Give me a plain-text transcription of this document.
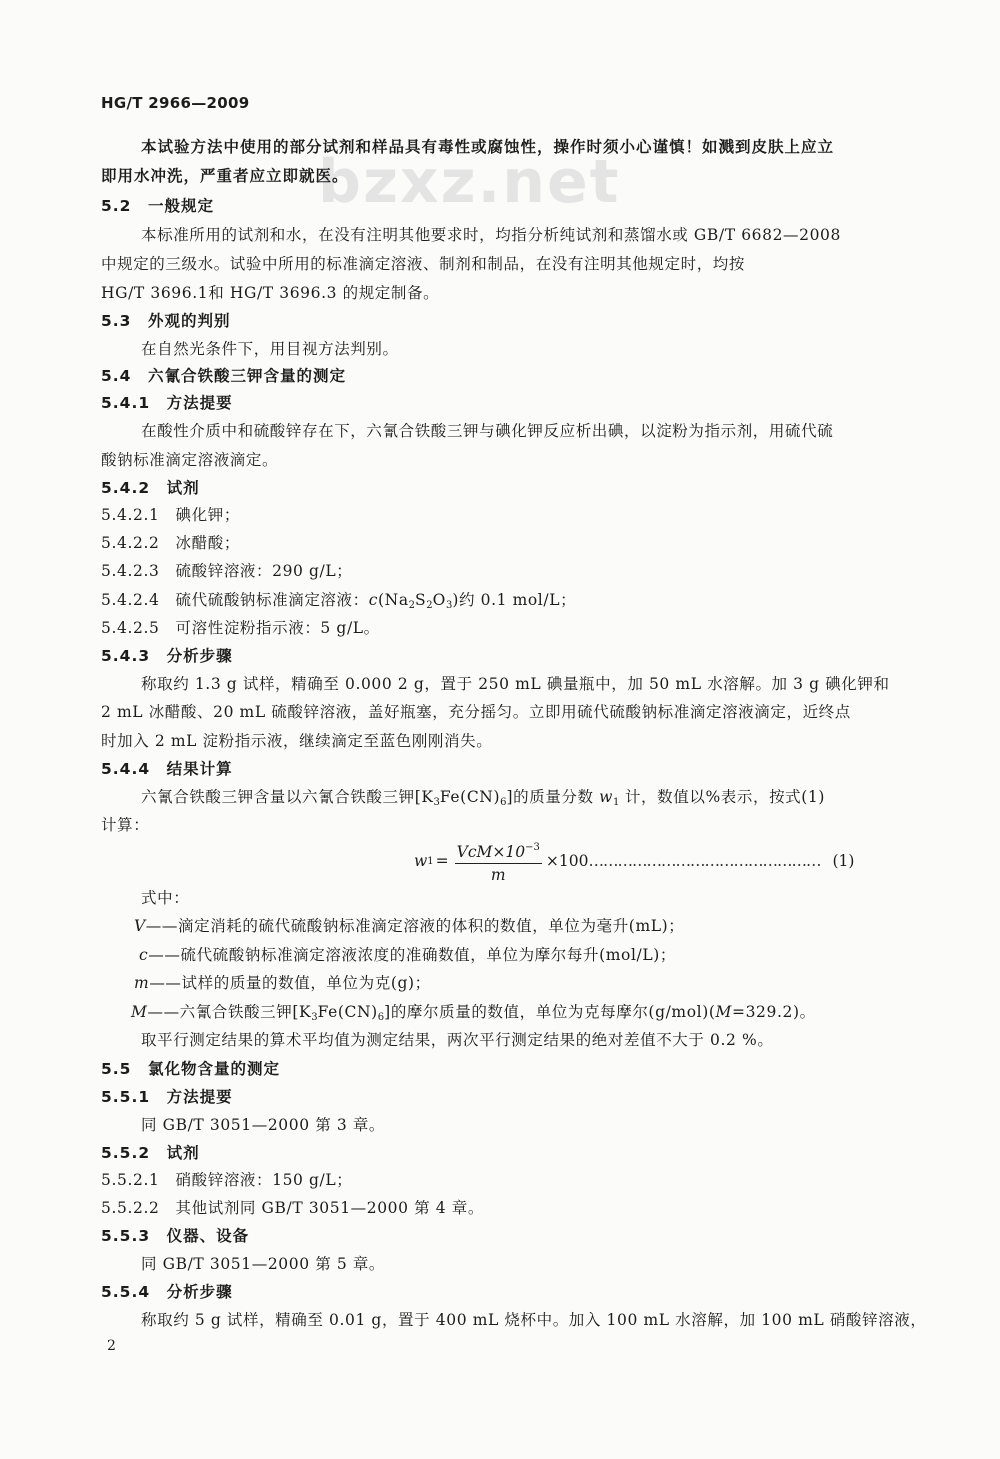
HG/T 2966—2009
bzxz.net
本试验方法中使用的部分试剂和样品具有毒性或腐蚀性，操作时须小心谨慎！如溅到皮肤上应立
即用水冲洗，严重者应立即就医。
5.2　一般规定
本标准所用的试剂和水，在没有注明其他要求时，均指分析纯试剂和蒸馏水或 GB/T 6682—2008
中规定的三级水。试验中所用的标准滴定溶液、制剂和制品，在没有注明其他规定时，均按
HG/T 3696.1和 HG/T 3696.3 的规定制备。
5.3　外观的判别
在自然光条件下，用目视方法判别。
5.4　六氰合铁酸三钾含量的测定
5.4.1　方法提要
在酸性介质中和硫酸锌存在下，六氰合铁酸三钾与碘化钾反应析出碘，以淀粉为指示剂，用硫代硫
酸钠标准滴定溶液滴定。
5.4.2　试剂
5.4.2.1　碘化钾；
5.4.2.2　冰醋酸；
5.4.2.3　硫酸锌溶液：290 g/L；
5.4.2.4　硫代硫酸钠标准滴定溶液：$c(Na_2S_2O_3)$约 0.1 mol/L；
5.4.2.5　可溶性淀粉指示液：5 g/L。
5.4.3　分析步骤
称取约 1.3 g 试样，精确至 0.000 2 g，置于 250 mL 碘量瓶中，加 50 mL 水溶解。加 3 g 碘化钾和
2 mL 冰醋酸、20 mL 硫酸锌溶液，盖好瓶塞，充分摇匀。立即用硫代硫酸钠标准滴定溶液滴定，近终点
时加入 2 mL 淀粉指示液，继续滴定至蓝色刚刚消失。
5.4.4　结果计算
六氰合铁酸三钾含量以六氰合铁酸三钾$[K_3Fe(CN)_6]$的质量分数 $w_1$ 计，数值以%表示，按式(1)
计算：
w $1 = \frac{VcM\times 10^{-3}}{m} \times 100$ ………………………………………… (1)
式中：
V——滴定消耗的硫代硫酸钠标准滴定溶液的体积的数值，单位为毫升(mL)；
c——硫代硫酸钠标准滴定溶液浓度的准确数值，单位为摩尔每升(mol/L)；
m——试样的质量的数值，单位为克(g)；
M——六氰合铁酸三钾$[K_3Fe(CN)_6]$的摩尔质量的数值，单位为克每摩尔(g/mol)(M=329.2)。
取平行测定结果的算术平均值为测定结果，两次平行测定结果的绝对差值不大于 0.2 %。
5.5　氯化物含量的测定
5.5.1　方法提要
同 GB/T 3051—2000 第 3 章。
5.5.2　试剂
5.5.2.1　硝酸锌溶液：150 g/L；
5.5.2.2　其他试剂同 GB/T 3051—2000 第 4 章。
5.5.3　仪器、设备
同 GB/T 3051—2000 第 5 章。
5.5.4　分析步骤
称取约 5 g 试样，精确至 0.01 g，置于 400 mL 烧杯中。加入 100 mL 水溶解，加 100 mL 硝酸锌溶液，
2
